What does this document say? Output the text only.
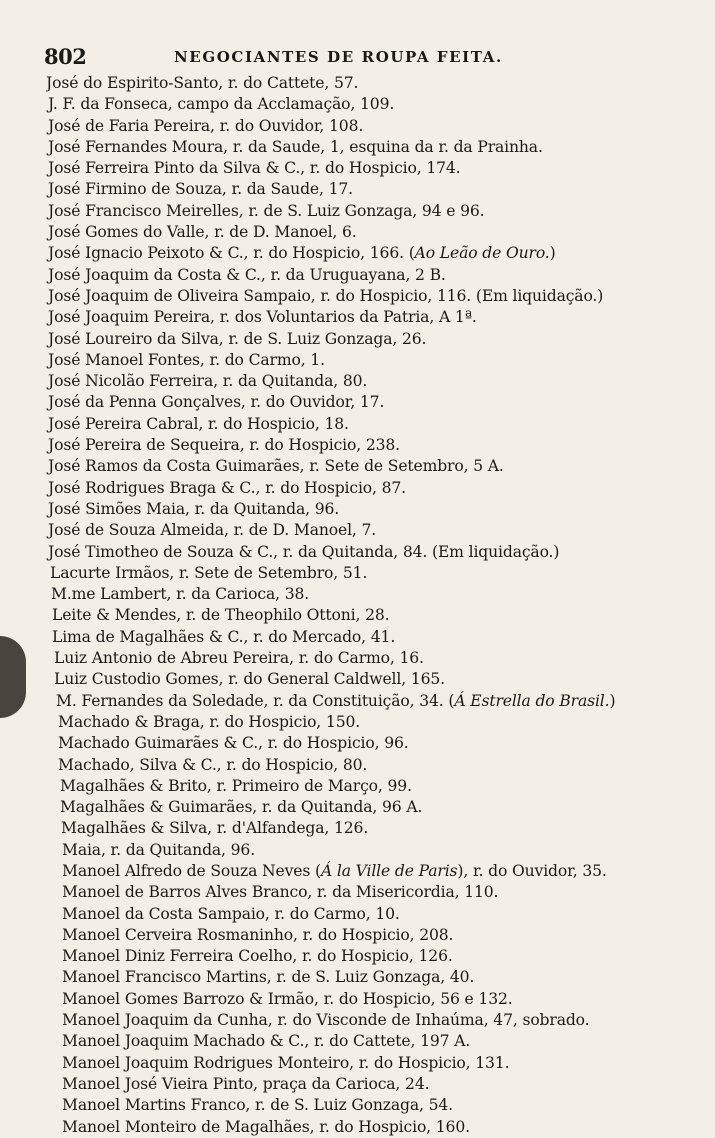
802	NEGOCIANTES DE ROUPA FEITA.
José do Espirito-Santo, r. do Cattete, 57.
J. F. da Fonseca, campo da Acclamação, 109.
José de Faria Pereira, r. do Ouvidor, 108.
José Fernandes Moura, r. da Saude, 1, esquina da r. da Prainha.
José Ferreira Pinto da Silva & C., r. do Hospicio, 174.
José Firmino de Souza, r. da Saude, 17.
José Francisco Meirelles, r. de S. Luiz Gonzaga, 94 e 96.
José Gomes do Valle, r. de D. Manoel, 6.
José Ignacio Peixoto & C., r. do Hospicio, 166. (Ao Leão de Ouro.)
José Joaquim da Costa & C., r. da Uruguayana, 2 B.
José Joaquim de Oliveira Sampaio, r. do Hospicio, 116. (Em liquidação.)
José Joaquim Pereira, r. dos Voluntarios da Patria, A 1ª.
José Loureiro da Silva, r. de S. Luiz Gonzaga, 26.
José Manoel Fontes, r. do Carmo, 1.
José Nicolão Ferreira, r. da Quitanda, 80.
José da Penna Gonçalves, r. do Ouvidor, 17.
José Pereira Cabral, r. do Hospicio, 18.
José Pereira de Sequeira, r. do Hospicio, 238.
José Ramos da Costa Guimarães, r. Sete de Setembro, 5 A.
José Rodrigues Braga & C., r. do Hospicio, 87.
José Simões Maia, r. da Quitanda, 96.
José de Souza Almeida, r. de D. Manoel, 7.
José Timotheo de Souza & C., r. da Quitanda, 84. (Em liquidação.)
Lacurte Irmãos, r. Sete de Setembro, 51.
M.me Lambert, r. da Carioca, 38.
Leite & Mendes, r. de Theophilo Ottoni, 28.
Lima de Magalhães & C., r. do Mercado, 41.
Luiz Antonio de Abreu Pereira, r. do Carmo, 16.
Luiz Custodio Gomes, r. do General Caldwell, 165.
M. Fernandes da Soledade, r. da Constituição, 34. (Á Estrella do Brasil.)
Machado & Braga, r. do Hospicio, 150.
Machado Guimarães & C., r. do Hospicio, 96.
Machado, Silva & C., r. do Hospicio, 80.
Magalhães & Brito, r. Primeiro de Março, 99.
Magalhães & Guimarães, r. da Quitanda, 96 A.
Magalhães & Silva, r. d'Alfandega, 126.
Maia, r. da Quitanda, 96.
Manoel Alfredo de Souza Neves (Á la Ville de Paris), r. do Ouvidor, 35.
Manoel de Barros Alves Branco, r. da Misericordia, 110.
Manoel da Costa Sampaio, r. do Carmo, 10.
Manoel Cerveira Rosmaninho, r. do Hospicio, 208.
Manoel Diniz Ferreira Coelho, r. do Hospicio, 126.
Manoel Francisco Martins, r. de S. Luiz Gonzaga, 40.
Manoel Gomes Barrozo & Irmão, r. do Hospicio, 56 e 132.
Manoel Joaquim da Cunha, r. do Visconde de Inhaúma, 47, sobrado.
Manoel Joaquim Machado & C., r. do Cattete, 197 A.
Manoel Joaquim Rodrigues Monteiro, r. do Hospicio, 131.
Manoel José Vieira Pinto, praça da Carioca, 24.
Manoel Martins Franco, r. de S. Luiz Gonzaga, 54.
Manoel Monteiro de Magalhães, r. do Hospicio, 160.
